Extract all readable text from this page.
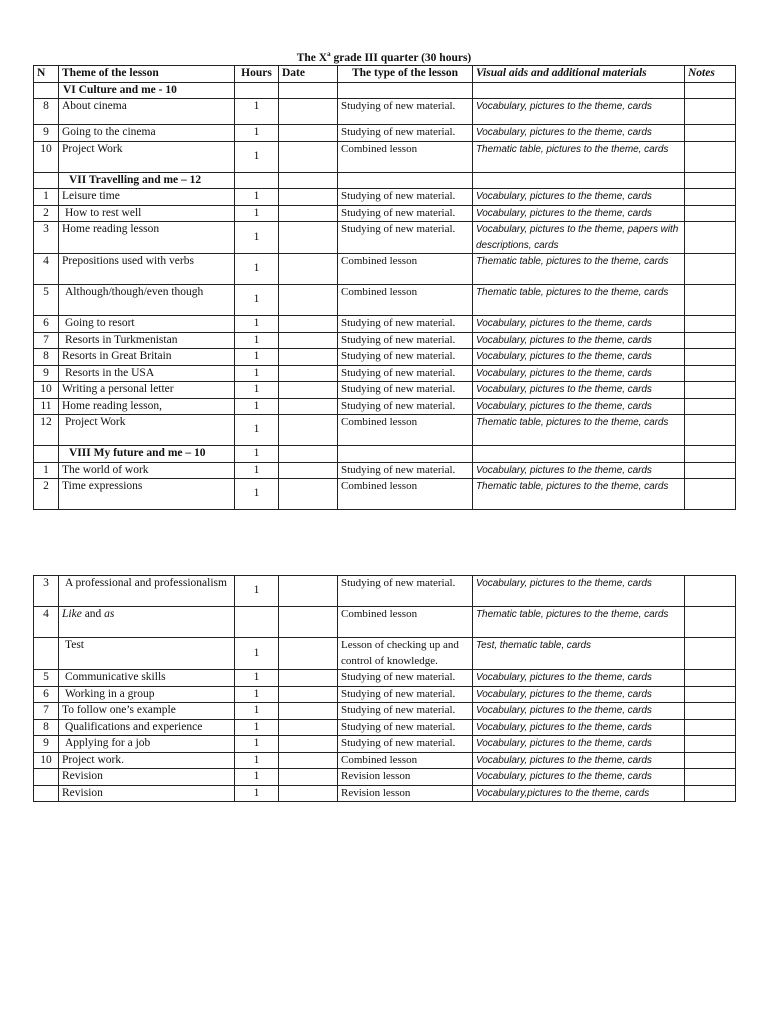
The $X^a$ grade III quarter (30 hours)
N	Theme of the lesson	Hours	Date	The type of the lesson	Visual aids and additional materials	Notes
	VI Culture and me - 10					
8	About cinema	1		Studying of new material.	Vocabulary, pictures to the theme, cards	
9	Going to the cinema	1		Studying of new material.	Vocabulary, pictures to the theme, cards	
10	Project Work	1		Combined lesson	Thematic table, pictures to the theme, cards	
	VII Travelling and me – 12					
1	Leisure time	1		Studying of new material.	Vocabulary, pictures to the theme, cards	
2	How to rest well	1		Studying of new material.	Vocabulary, pictures to the theme, cards	
3	Home reading lesson	1		Studying of new material.	Vocabulary, pictures to the theme, papers with descriptions, cards	
4	Prepositions used with verbs	1		Combined lesson	Thematic table, pictures to the theme, cards	
5	Although/though/even though	1		Combined lesson	Thematic table, pictures to the theme, cards	
6	Going to resort	1		Studying of new material.	Vocabulary, pictures to the theme, cards	
7	Resorts in Turkmenistan	1		Studying of new material.	Vocabulary, pictures to the theme, cards	
8	Resorts in Great Britain	1		Studying of new material.	Vocabulary, pictures to the theme, cards	
9	Resorts in the USA	1		Studying of new material.	Vocabulary, pictures to the theme, cards	
10	Writing a personal letter	1		Studying of new material.	Vocabulary, pictures to the theme, cards	
11	Home reading lesson,	1		Studying of new material.	Vocabulary, pictures to the theme, cards	
12	Project Work	1		Combined lesson	Thematic table, pictures to the theme, cards	
	VIII My future and me – 10	1				
1	The world of work	1		Studying of new material.	Vocabulary, pictures to the theme, cards	
2	Time expressions	1		Combined lesson	Thematic table, pictures to the theme, cards	
3	A professional and professionalism	1		Studying of new material.	Vocabulary, pictures to the theme, cards	
4	Like and as			Combined lesson	Thematic table, pictures to the theme, cards	
	Test	1		Lesson of checking up and control of knowledge.	Test, thematic table, cards	
5	Communicative skills	1		Studying of new material.	Vocabulary, pictures to the theme, cards	
6	Working in a group	1		Studying of new material.	Vocabulary, pictures to the theme, cards	
7	To follow one’s example	1		Studying of new material.	Vocabulary, pictures to the theme, cards	
8	Qualifications and experience	1		Studying of new material.	Vocabulary, pictures to the theme, cards	
9	Applying for a job	1		Studying of new material.	Vocabulary, pictures to the theme, cards	
10	Project work.	1		Combined lesson	Vocabulary, pictures to the theme, cards	
	Revision	1		Revision lesson	Vocabulary, pictures to the theme, cards	
	Revision	1		Revision lesson	Vocabulary,pictures to the theme, cards	
